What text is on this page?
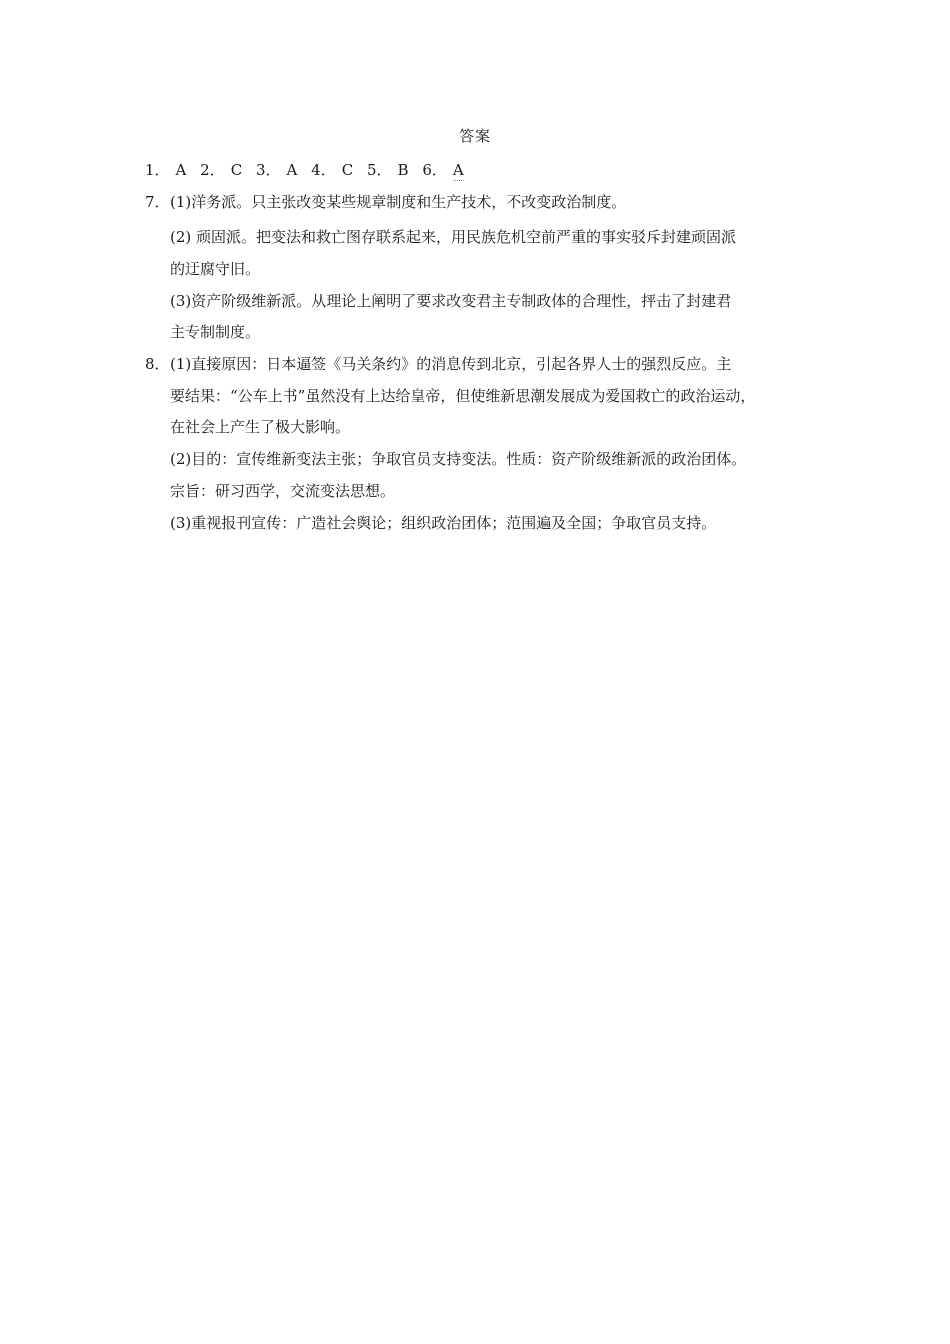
答案
1． A 2． C 3． A 4． C 5． B 6． A
7．(1)洋务派。只主张改变某些规章制度和生产技术，不改变政治制度。
(2) 顽固派。把变法和救亡图存联系起来，用民族危机空前严重的事实驳斥封建顽固派
的迂腐守旧。
(3)资产阶级维新派。从理论上阐明了要求改变君主专制政体的合理性，抨击了封建君
主专制制度。
8．(1)直接原因：日本逼签《马关条约》的消息传到北京，引起各界人士的强烈反应。主
要结果：“公车上书”虽然没有上达给皇帝，但使维新思潮发展成为爱国救亡的政治运动，
在社会上产生了极大影响。
(2)目的：宣传维新变法主张；争取官员支持变法。性质：资产阶级维新派的政治团体。
宗旨：研习西学，交流变法思想。
(3)重视报刊宣传：广造社会舆论；组织政治团体；范围遍及全国；争取官员支持。
